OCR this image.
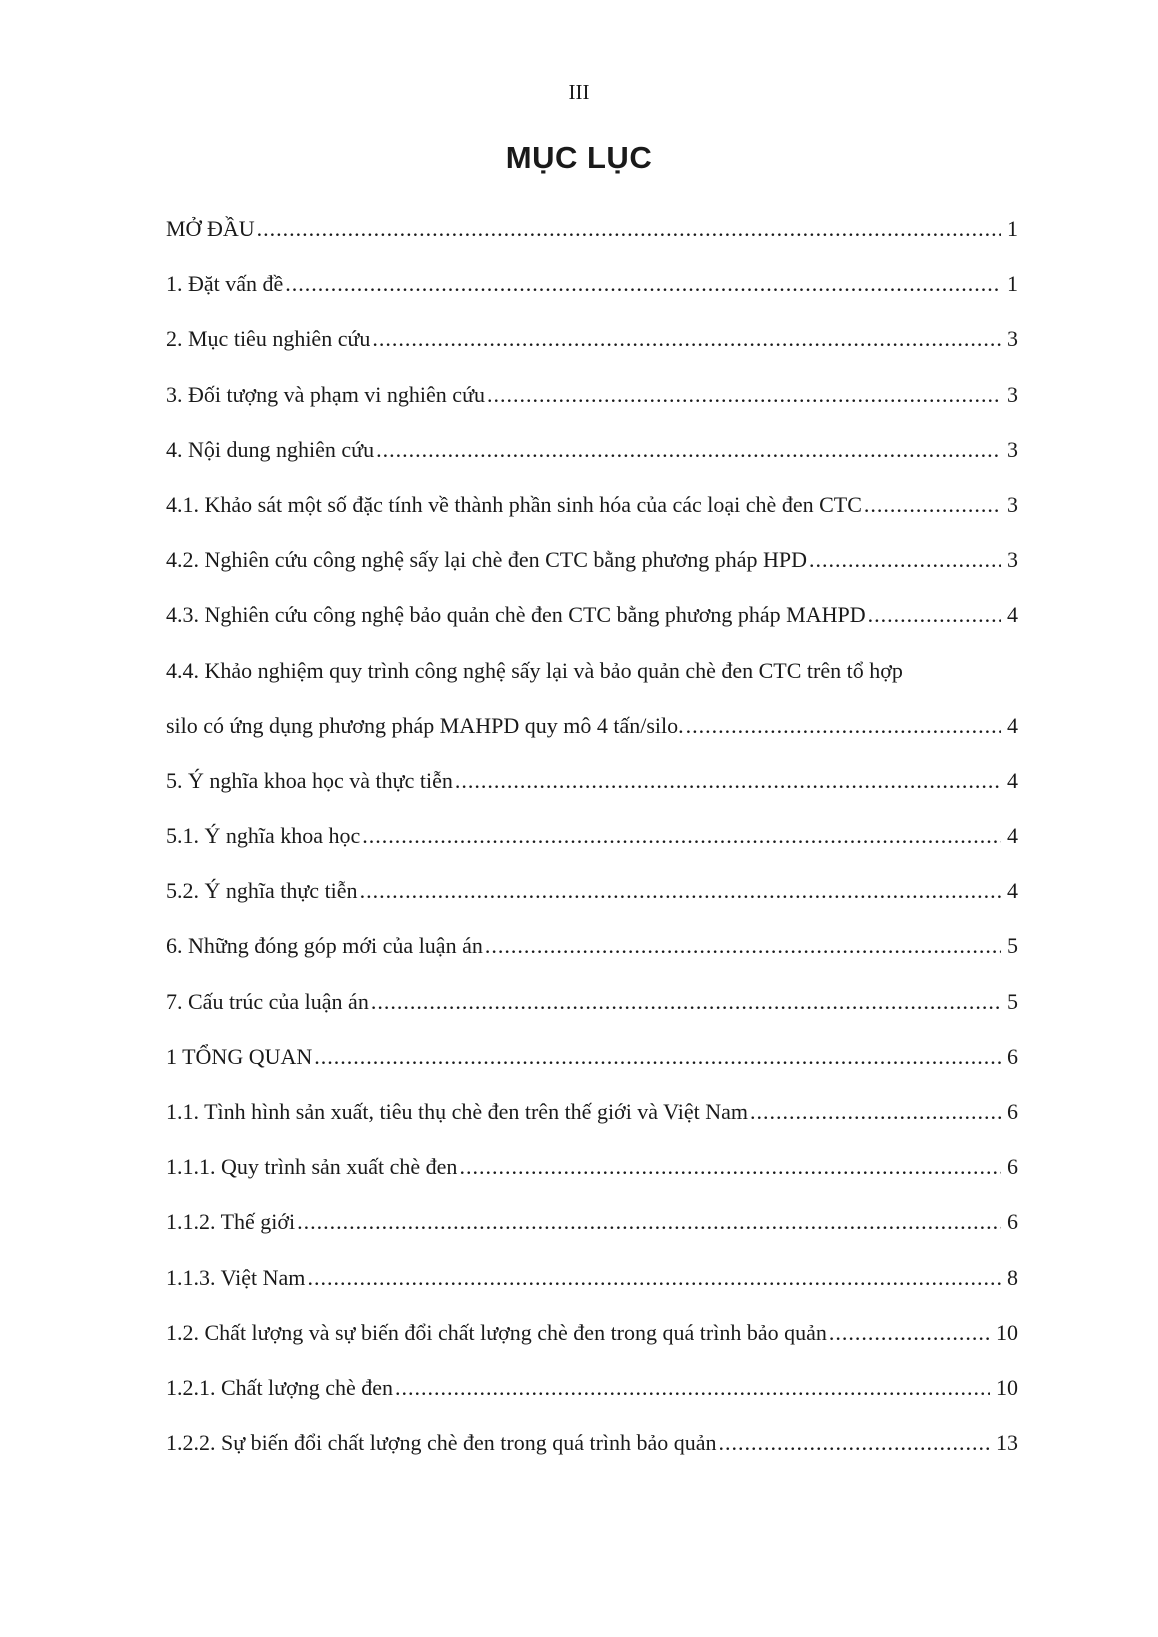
III
MỤC LỤC
MỞ ĐẦU .....	1
1. Đặt vấn đề .....	1
2. Mục tiêu nghiên cứu .....	3
3. Đối tượng và phạm vi nghiên cứu .....	3
4. Nội dung nghiên cứu .....	3
4.1. Khảo sát một số đặc tính về thành phần sinh hóa của các loại chè đen CTC .....	3
4.2. Nghiên cứu công nghệ sấy lại chè đen CTC bằng phương pháp HPD .....	3
4.3. Nghiên cứu công nghệ bảo quản chè đen CTC bằng phương pháp MAHPD .....	4
4.4. Khảo nghiệm quy trình công nghệ sấy lại và bảo quản chè đen CTC trên tổ hợp
silo có ứng dụng phương pháp MAHPD quy mô 4 tấn/silo. .....	4
5. Ý nghĩa khoa học và thực tiễn .....	4
5.1. Ý nghĩa khoa học .....	4
5.2. Ý nghĩa thực tiễn .....	4
6. Những đóng góp mới của luận án .....	5
7. Cấu trúc của luận án .....	5
1 TỔNG QUAN .....	6
1.1. Tình hình sản xuất, tiêu thụ chè đen trên thế giới và Việt Nam .....	6
1.1.1. Quy trình sản xuất chè đen .....	6
1.1.2. Thế giới .....	6
1.1.3. Việt Nam .....	8
1.2. Chất lượng và sự biến đổi chất lượng chè đen trong quá trình bảo quản .....	10
1.2.1. Chất lượng chè đen .....	10
1.2.2. Sự biến đổi chất lượng chè đen trong quá trình bảo quản .....	13
